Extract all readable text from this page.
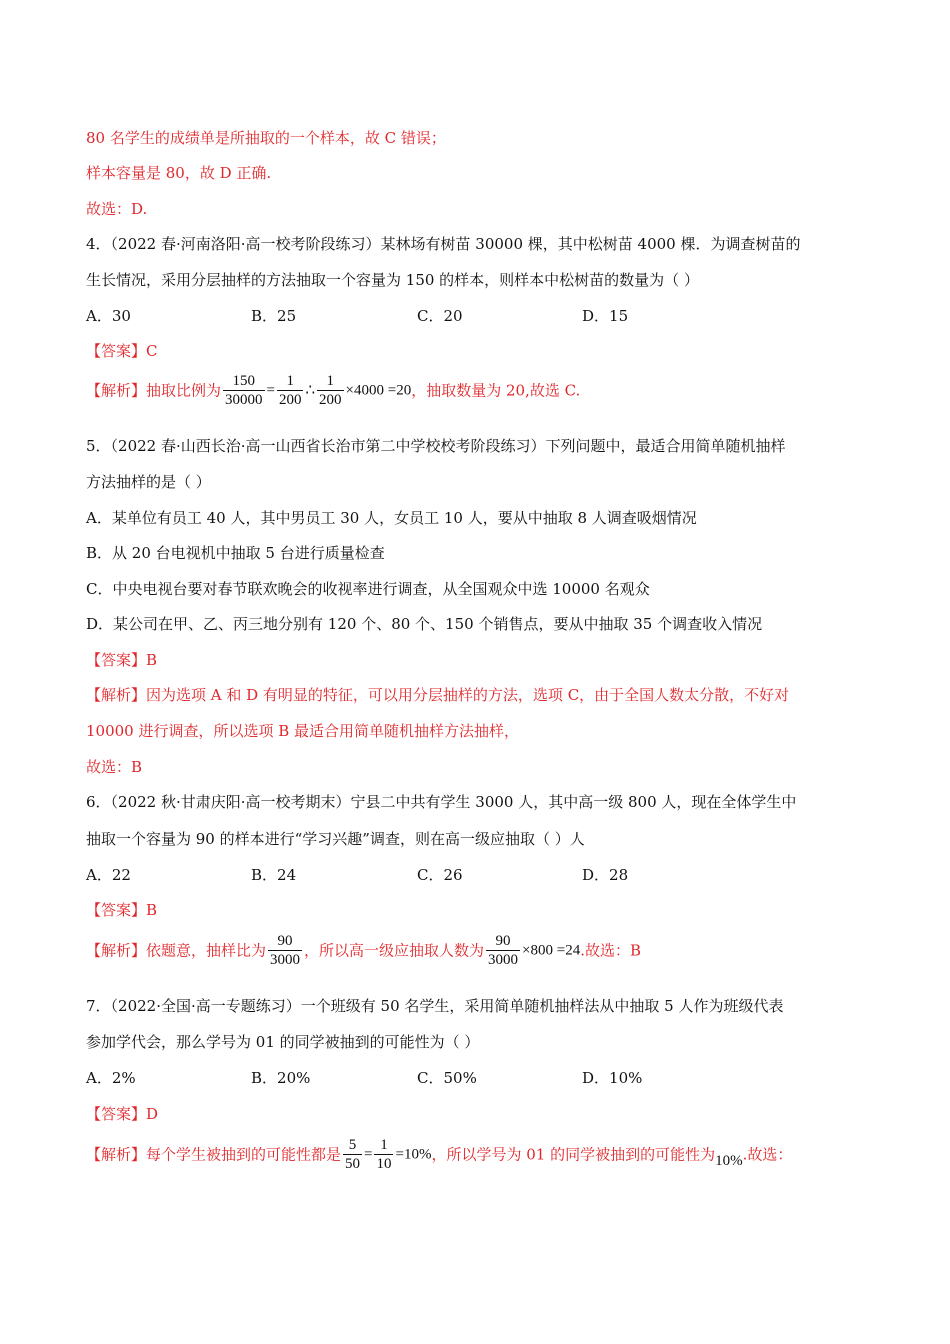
80 名学生的成绩单是所抽取的一个样本，故 C 错误；
样本容量是 80，故 D 正确.
故选：D.
4．（2022 春·河南洛阳·高一校考阶段练习）某林场有树苗 30000 棵，其中松树苗 4000 棵．为调查树苗的
生长情况，采用分层抽样的方法抽取一个容量为 150 的样本，则样本中松树苗的数量为（ ）
A．30	B．25	C．20	D．15
【答案】C
【解析】抽取比例为 $\frac{150}{30000} = \frac{1}{200}$ ∴ $\frac{1}{200} \times 4000 =20$，抽取数量为 20,故选 C.
5．（2022 春·山西长治·高一山西省长治市第二中学校校考阶段练习）下列问题中，最适合用简单随机抽样
方法抽样的是（ ）
A．某单位有员工 40 人，其中男员工 30 人，女员工 10 人，要从中抽取 8 人调查吸烟情况
B．从 20 台电视机中抽取 5 台进行质量检查
C．中央电视台要对春节联欢晚会的收视率进行调查，从全国观众中选 10000 名观众
D．某公司在甲、乙、丙三地分别有 120 个、80 个、150 个销售点，要从中抽取 35 个调查收入情况
【答案】B
【解析】因为选项 A 和 D 有明显的特征，可以用分层抽样的方法，选项 C，由于全国人数太分散，不好对
10000 进行调查，所以选项 B 最适合用简单随机抽样方法抽样，
故选：B
6．（2022 秋·甘肃庆阳·高一校考期末）宁县二中共有学生 3000 人，其中高一级 800 人，现在全体学生中
抽取一个容量为 90 的样本进行“学习兴趣”调查，则在高一级应抽取（ ）人
A．22	B．24	C．26	D．28
【答案】B
【解析】依题意，抽样比为 $\frac{90}{3000}$ ，所以高一级应抽取人数为 $\frac{90}{3000} \times 800 =24$.故选：B
7．（2022·全国·高一专题练习）一个班级有 50 名学生，采用简单随机抽样法从中抽取 5 人作为班级代表
参加学代会，那么学号为 01 的同学被抽到的可能性为（ ）
A．2%	B．20%	C．50%	D．10%
【答案】D
【解析】每个学生被抽到的可能性都是 $\frac{5}{50} = \frac{1}{10} =10\%$，所以学号为 01 的同学被抽到的可能性为10%.故选：
